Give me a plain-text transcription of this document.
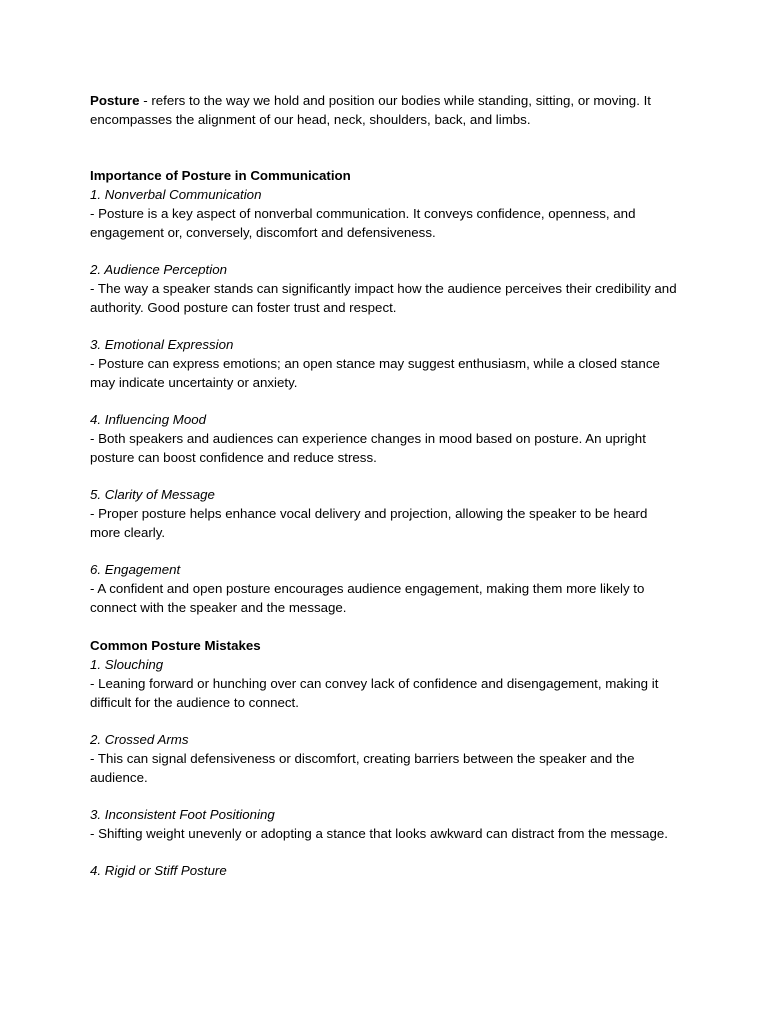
Posture - refers to the way we hold and position our bodies while standing, sitting, or moving. It encompasses the alignment of our head, neck, shoulders, back, and limbs.

Importance of Posture in Communication

1. Nonverbal Communication

- Posture is a key aspect of nonverbal communication. It conveys confidence, openness, and engagement or, conversely, discomfort and defensiveness.

2. Audience Perception

- The way a speaker stands can significantly impact how the audience perceives their credibility and authority. Good posture can foster trust and respect.

3. Emotional Expression

- Posture can express emotions; an open stance may suggest enthusiasm, while a closed stance may indicate uncertainty or anxiety.

4. Influencing Mood

- Both speakers and audiences can experience changes in mood based on posture. An upright posture can boost confidence and reduce stress.

5. Clarity of Message

- Proper posture helps enhance vocal delivery and projection, allowing the speaker to be heard more clearly.

6. Engagement

- A confident and open posture encourages audience engagement, making them more likely to connect with the speaker and the message.

Common Posture Mistakes

1. Slouching

- Leaning forward or hunching over can convey lack of confidence and disengagement, making it difficult for the audience to connect.

2. Crossed Arms

- This can signal defensiveness or discomfort, creating barriers between the speaker and the audience.

3. Inconsistent Foot Positioning

- Shifting weight unevenly or adopting a stance that looks awkward can distract from the message.

4. Rigid or Stiff Posture
